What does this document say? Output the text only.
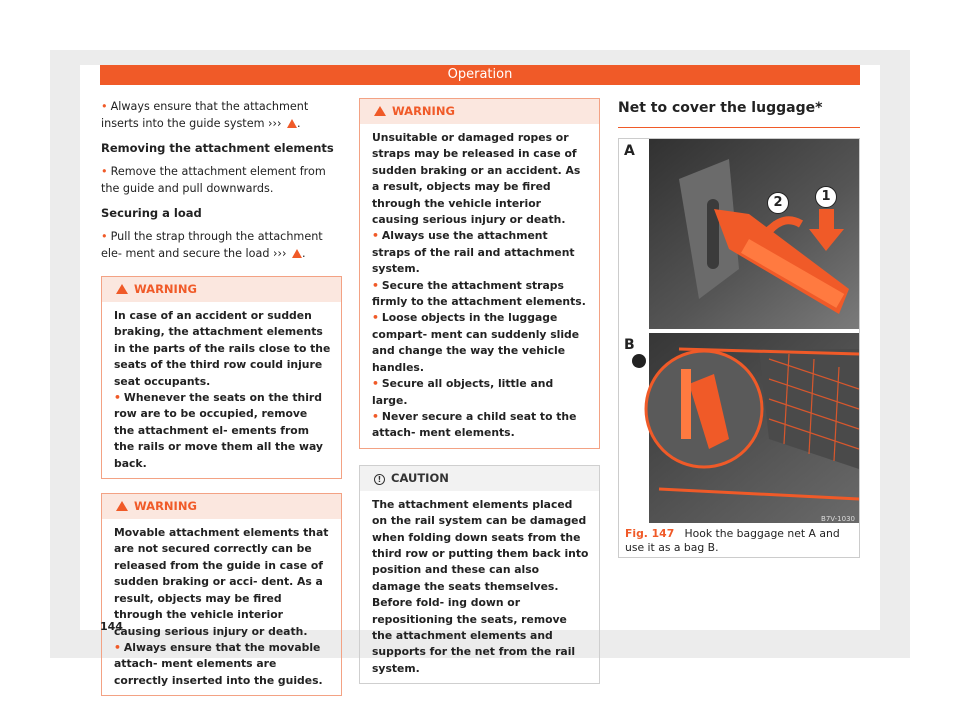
Operation

• Always ensure that the attachment inserts into the guide system ››› .

Removing the attachment elements

• Remove the attachment element from the guide and pull downwards.

Securing a load

• Pull the strap through the attachment ele- ment and secure the load ››› .

WARNING

In case of an accident or sudden braking, the attachment elements in the parts of the rails close to the seats of the third row could injure seat occupants.

• Whenever the seats on the third row are to be occupied, remove the attachment el- ements from the rails or move them all the way back.

WARNING

Movable attachment elements that are not secured correctly can be released from the guide in case of sudden braking or acci- dent. As a result, objects may be fired through the vehicle interior causing serious injury or death.

• Always ensure that the movable attach- ment elements are correctly inserted into the guides.

WARNING

Unsuitable or damaged ropes or straps may be released in case of sudden braking or an accident. As a result, objects may be fired through the vehicle interior causing serious injury or death.

• Always use the attachment straps of the rail and attachment system.

• Secure the attachment straps firmly to the attachment elements.

• Loose objects in the luggage compart- ment can suddenly slide and change the way the vehicle handles.

• Secure all objects, little and large.

• Never secure a child seat to the attach- ment elements.

! CAUTION

The attachment elements placed on the rail system can be damaged when folding down seats from the third row or putting them back into position and these can also damage the seats themselves. Before fold- ing down or repositioning the seats, remove the attachment elements and supports for the net from the rail system.

Net to cover the luggage*
A
B
2	1
B7V-1030
Fig. 147 Hook the baggage net A and use it as a bag B.
144
